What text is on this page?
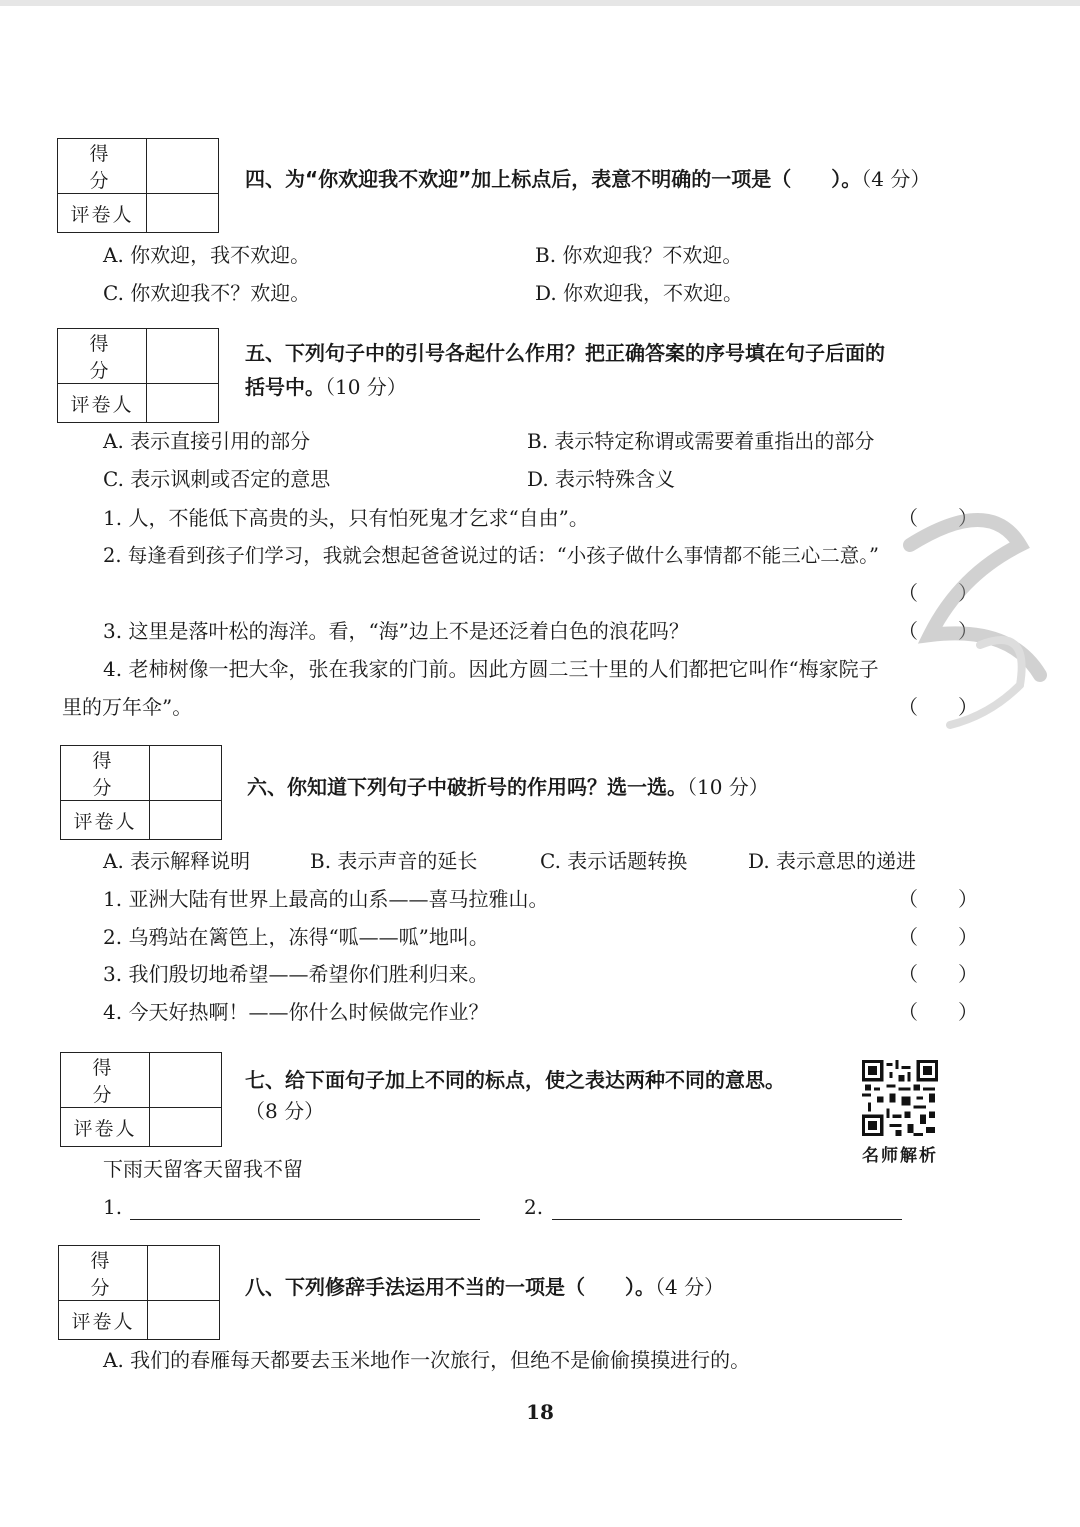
得 分	
评卷人	
四、为“你欢迎我不欢迎”加上标点后，表意不明确的一项是（　　）。（4 分）
A. 你欢迎，我不欢迎。	B. 你欢迎我？不欢迎。
C. 你欢迎我不？欢迎。	D. 你欢迎我，不欢迎。
得 分	
评卷人	
五、下列句子中的引号各起什么作用？把正确答案的序号填在句子后面的
括号中。（10 分）
A. 表示直接引用的部分	B. 表示特定称谓或需要着重指出的部分
C. 表示讽刺或否定的意思	D. 表示特殊含义
1. 人，不能低下高贵的头，只有怕死鬼才乞求“自由”。	（　　）
2. 每逢看到孩子们学习，我就会想起爸爸说过的话：“小孩子做什么事情都不能三心二意。”
（　　）
3. 这里是落叶松的海洋。看，“海”边上不是还泛着白色的浪花吗？	（　　）
4. 老柿树像一把大伞，张在我家的门前。因此方圆二三十里的人们都把它叫作“梅家院子
里的万年伞”。	（　　）
得 分	
评卷人	
六、你知道下列句子中破折号的作用吗？选一选。（10 分）
A. 表示解释说明	B. 表示声音的延长	C. 表示话题转换	D. 表示意思的递进
1. 亚洲大陆有世界上最高的山系——喜马拉雅山。	（　　）
2. 乌鸦站在篱笆上，冻得“呱——呱”地叫。	（　　）
3. 我们殷切地希望——希望你们胜利归来。	（　　）
4. 今天好热啊！——你什么时候做完作业？	（　　）
得 分	
评卷人	
七、给下面句子加上不同的标点，使之表达两种不同的意思。
（8 分）
名师解析
下雨天留客天留我不留
1.	2.
得 分	
评卷人	
八、下列修辞手法运用不当的一项是（　　）。（4 分）
A. 我们的春雁每天都要去玉米地作一次旅行，但绝不是偷偷摸摸进行的。
18
